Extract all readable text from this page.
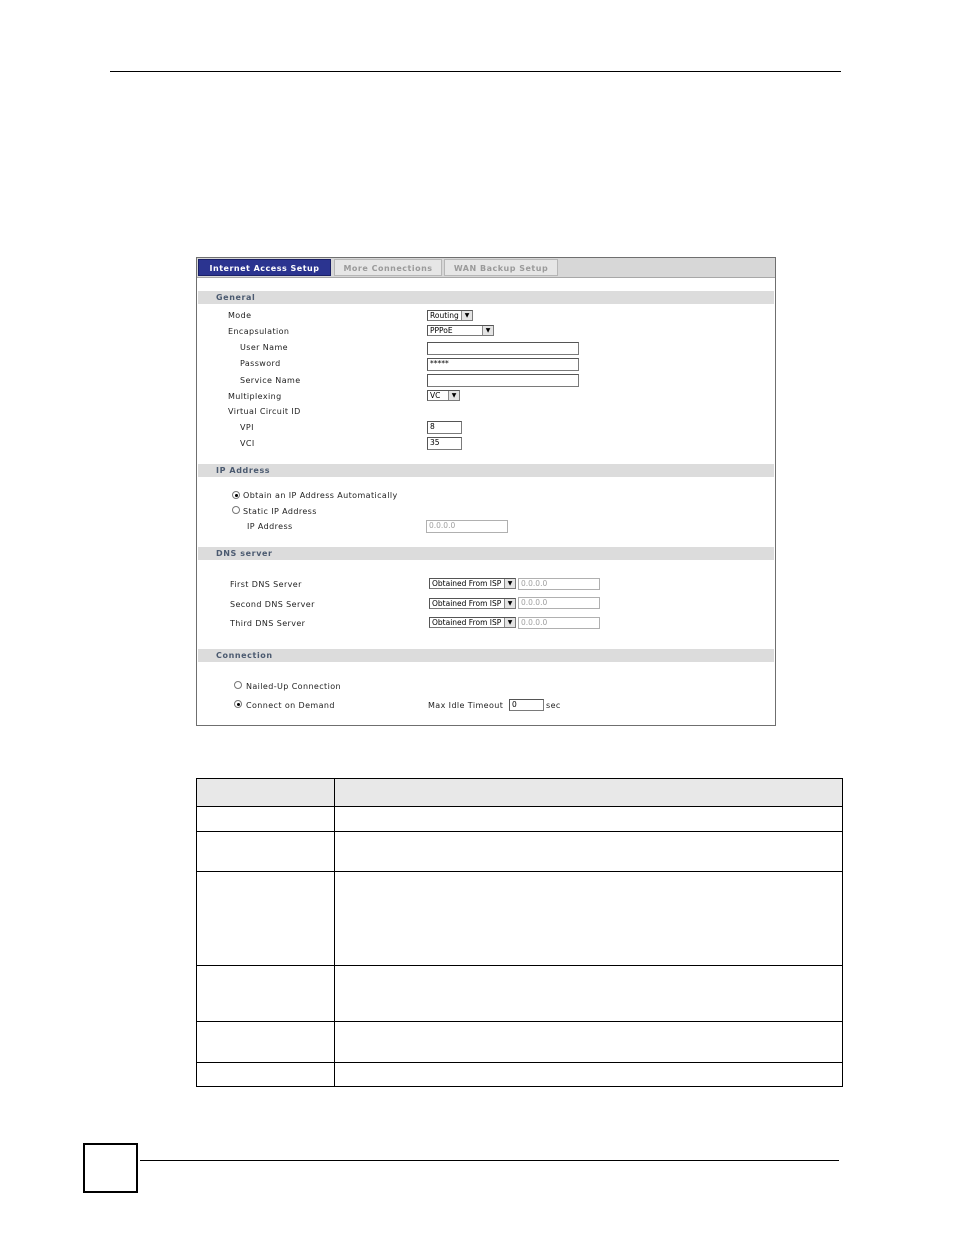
Internet Access Setup	More Connections	WAN Backup Setup
General
Mode	Routing ▼
Encapsulation	PPPoE	▼
User Name
Password	*****
Service Name
Multiplexing	VC	▼
Virtual Circuit ID
VPI	8
VCI	35
IP Address
Obtain an IP Address Automatically
Static IP Address
IP Address	0.0.0.0
DNS server
First DNS Server	Obtained From ISP	▼	0.0.0.0
Second DNS Server	Obtained From ISP	▼	0.0.0.0
Third DNS Server	Obtained From ISP	▼	0.0.0.0
Connection
Nailed-Up Connection
Connect on Demand	Max Idle Timeout	0	sec
